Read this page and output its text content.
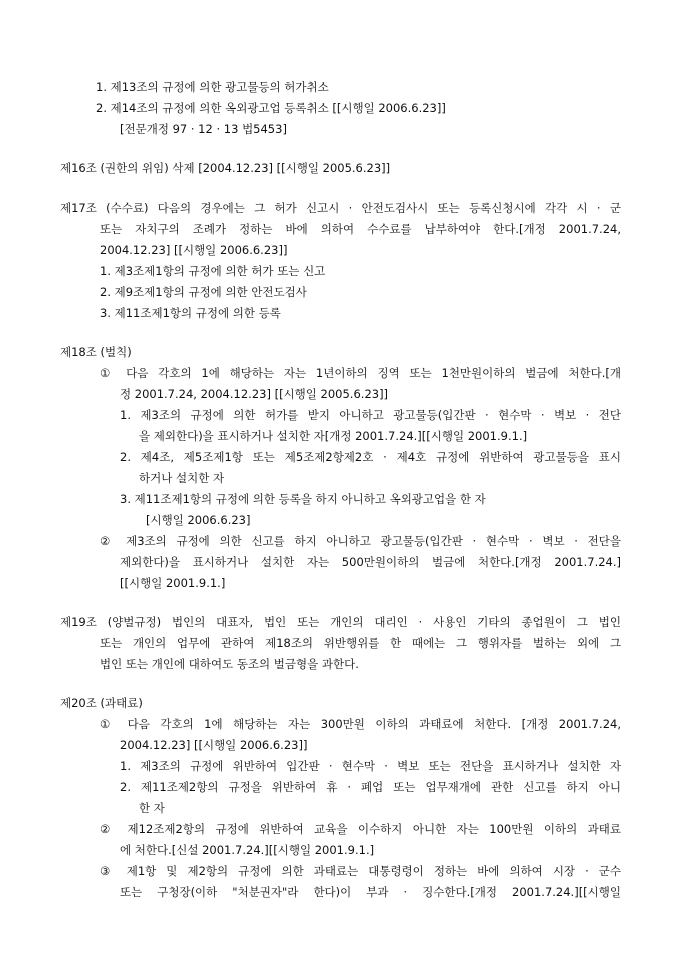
1. 제13조의 규정에 의한 광고물등의 허가취소
2. 제14조의 규정에 의한 옥외광고업 등록취소 [[시행일 2006.6.23]]
[전문개정 97 · 12 · 13 법5453]
제16조 (권한의 위임) 삭제 [2004.12.23] [[시행일 2005.6.23]]
제17조 (수수료) 다음의 경우에는 그 허가 신고시 · 안전도검사시 또는 등록신청시에 각각 시 · 군
또는 자치구의 조례가 정하는 바에 의하여 수수료를 납부하여야 한다.[개정 2001.7.24,
2004.12.23] [[시행일 2006.6.23]]
1. 제3조제1항의 규정에 의한 허가 또는 신고
2. 제9조제1항의 규정에 의한 안전도검사
3. 제11조제1항의 규정에 의한 등록
제18조 (벌칙)
① 다음 각호의 1에 해당하는 자는 1년이하의 징역 또는 1천만원이하의 벌금에 처한다.[개
정 2001.7.24, 2004.12.23] [[시행일 2005.6.23]]
1. 제3조의 규정에 의한 허가를 받지 아니하고 광고물등(입간판 · 현수막 · 벽보 · 전단
을 제외한다)을 표시하거나 설치한 자[개정 2001.7.24.][[시행일 2001.9.1.]
2. 제4조, 제5조제1항 또는 제5조제2항제2호 · 제4호 규정에 위반하여 광고물등을 표시
하거나 설치한 자
3. 제11조제1항의 규정에 의한 등록을 하지 아니하고 옥외광고업을 한 자
[시행일 2006.6.23]
② 제3조의 규정에 의한 신고를 하지 아니하고 광고물등(입간판 · 현수막 · 벽보 · 전단을
제외한다)을 표시하거나 설치한 자는 500만원이하의 벌금에 처한다.[개정 2001.7.24.]
[[시행일 2001.9.1.]
제19조 (양벌규정) 법인의 대표자, 법인 또는 개인의 대리인 · 사용인 기타의 종업원이 그 법인
또는 개인의 업무에 관하여 제18조의 위반행위를 한 때에는 그 행위자를 벌하는 외에 그
법인 또는 개인에 대하여도 동조의 벌금형을 과한다.
제20조 (과태료)
① 다음 각호의 1에 해당하는 자는 300만원 이하의 과태료에 처한다. [개정 2001.7.24,
2004.12.23] [[시행일 2006.6.23]]
1. 제3조의 규정에 위반하여 입간판 · 현수막 · 벽보 또는 전단을 표시하거나 설치한 자
2. 제11조제2항의 규정을 위반하여 휴 · 폐업 또는 업무재개에 관한 신고를 하지 아니
한 자
② 제12조제2항의 규정에 위반하여 교육을 이수하지 아니한 자는 100만원 이하의 과태료
에 처한다.[신설 2001.7.24.][[시행일 2001.9.1.]
③ 제1항 및 제2항의 규정에 의한 과태료는 대통령령이 정하는 바에 의하여 시장 · 군수
또는 구청장(이하 "처분권자"라 한다)이 부과 · 징수한다.[개정 2001.7.24.][[시행일
